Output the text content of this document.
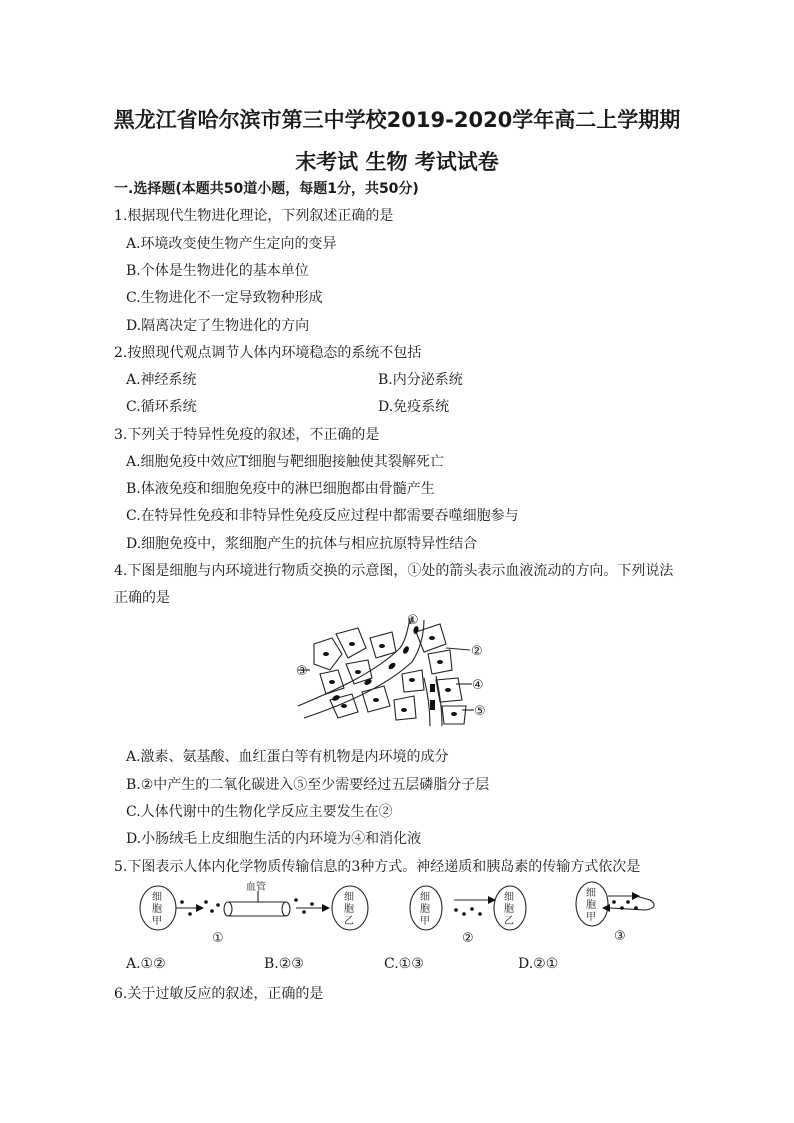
黑龙江省哈尔滨市第三中学校2019-2020学年高二上学期期
末考试 生物 考试试卷
一.选择题(本题共50道小题，每题1分，共50分)
1.根据现代生物进化理论，下列叙述正确的是
A.环境改变使生物产生定向的变异
B.个体是生物进化的基本单位
C.生物进化不一定导致物种形成
D.隔离决定了生物进化的方向
2.按照现代观点调节人体内环境稳态的系统不包括
A.神经系统	B.内分泌系统
C.循环系统	D.免疫系统
3.下列关于特异性免疫的叙述，不正确的是
A.细胞免疫中效应T细胞与靶细胞接触使其裂解死亡
B.体液免疫和细胞免疫中的淋巴细胞都由骨髓产生
C.在特异性免疫和非特异性免疫反应过程中都需要吞噬细胞参与
D.细胞免疫中，浆细胞产生的抗体与相应抗原特异性结合
4.下图是细胞与内环境进行物质交换的示意图，①处的箭头表示血液流动的方向。下列说法
正确的是
①
②
③
④
⑤
A.激素、氨基酸、血红蛋白等有机物是内环境的成分
B.②中产生的二氧化碳进入⑤至少需要经过五层磷脂分子层
C.人体代谢中的生物化学反应主要发生在②
D.小肠绒毛上皮细胞生活的内环境为④和消化液
5.下图表示人体内化学物质传输信息的3种方式。神经递质和胰岛素的传输方式依次是
细
胞
甲
细
胞
乙
细
胞
甲
细
胞
乙
细
胞
甲
血管
①	②	③
A.①②	B.②③	C.①③	D.②①
6.关于过敏反应的叙述，正确的是
